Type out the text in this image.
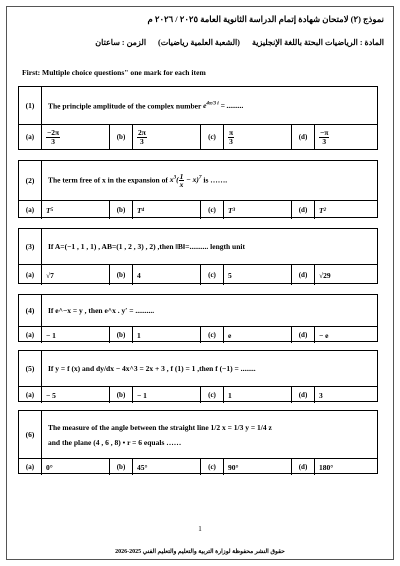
نموذج (٢) لامتحان شهادة إتمام الدراسة الثانوية العامة ٢٠٢٥ / ٢٠٢٦ م
المادة : الرياضيات البحتة باللغة الإنجليزية
(الشعبة العلمية رياضيات)
الزمن : ساعتان
First: Multiple choice questions" one mark for each item
(1)	The principle amplitude of the complex number $e^{4\pi/3 i}$ = .........
(a)	$\frac{-2\pi}{3}$	(b)	$\frac{2\pi}{3}$	(c)	$\frac{\pi}{3}$	(d)	$\frac{-\pi}{3}$
(2)	The term free of x in the expansion of $x^3( \frac{1}{x} - x)^7$ is …….
(a)	T 5	(b)	T 4	(c)	T 3	(d)	T 2
(3)	If A=(−1 , 1 , 1) , AB=(1 , 2 , 3) , 2) ,then ‖B‖=.......... length unit
(a)	√7	(b)	4	(c)	5	(d)	√29
(4)	If e^−x = y , then e^x . y′ = ..........
(a)	− 1	(b)	1	(c)	e	(d)	− e
(5)	If y = f (x) and dy/dx − 4x^3 = 2x + 3 , f (1) = 1 ,then f (−1) = ........
(a)	− 5	(b)	− 1	(c)	1	(d)	3
(6)
The measure of the angle between the straight line 1/2 x = 1/3 y = 1/4 z
and the plane (4 , 6 , 8) • r = 6 equals ……
(a)	0°	(b)	45°	(c)	90°	(d)	180°
1
حقوق النشر محفوظة لوزارة التربية والتعليم والتعليم الفني 2025-2026
